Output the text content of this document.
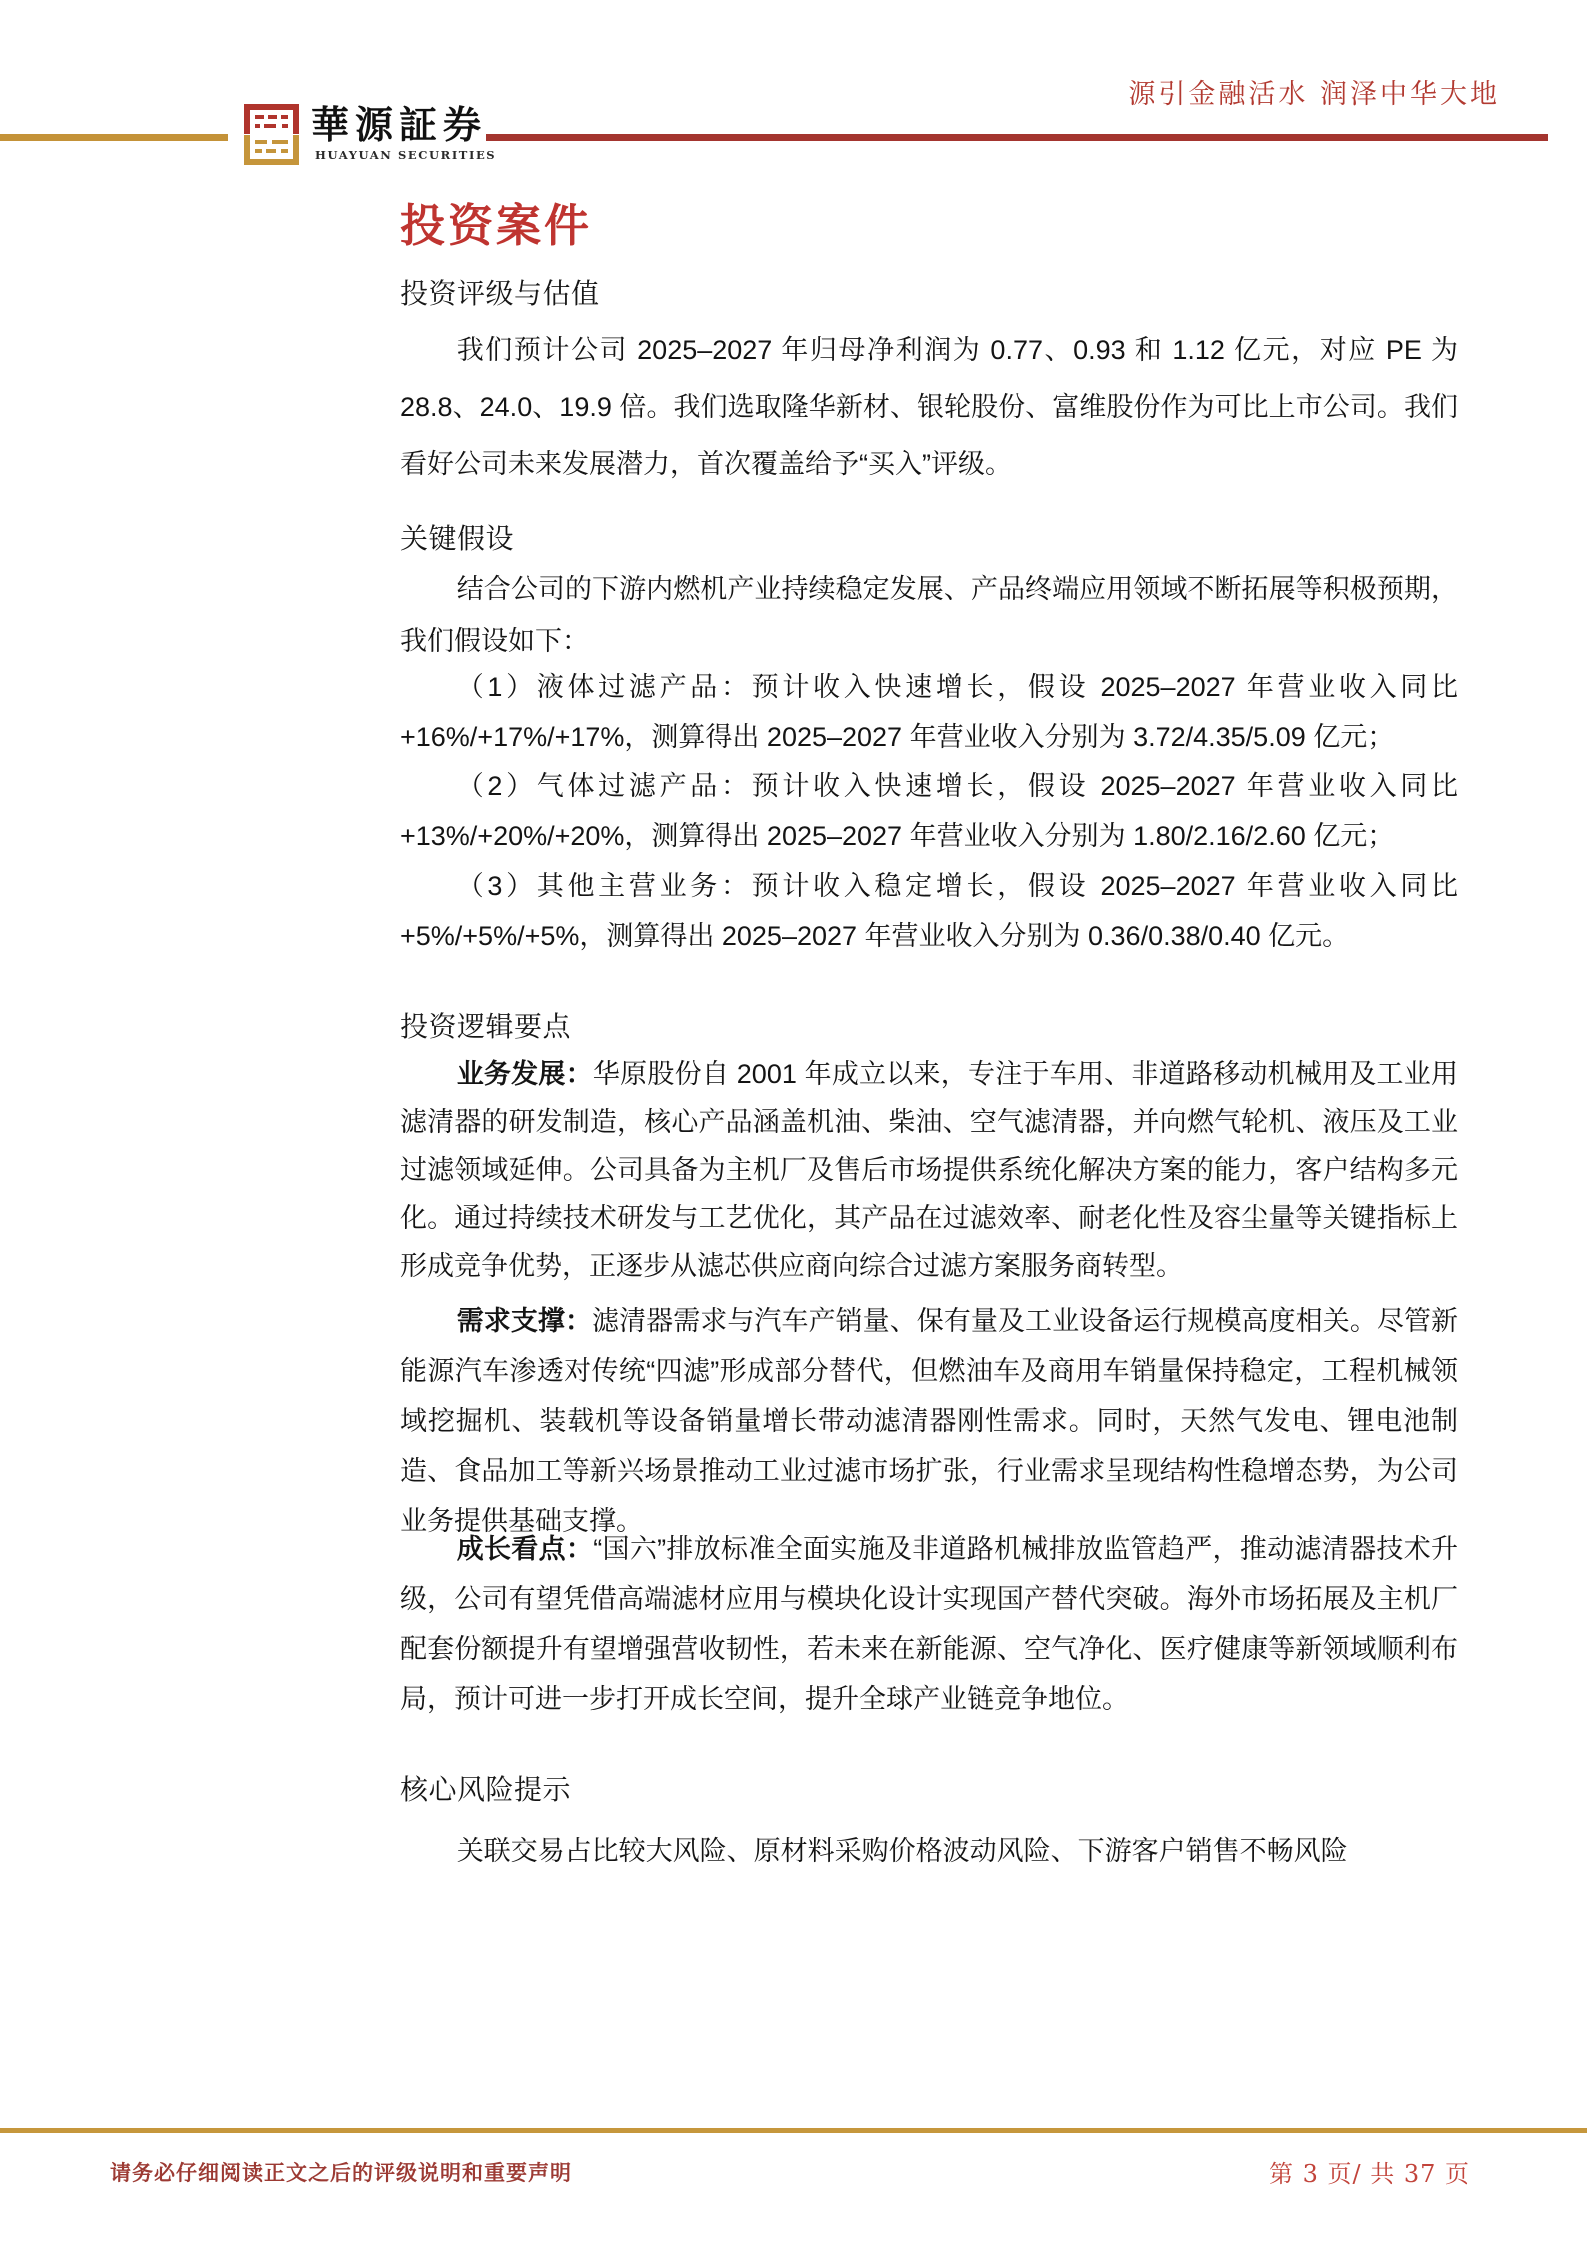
源引金融活水 润泽中华大地
華源証券
HUAYUAN SECURITIES
投资案件
投资评级与估值

我们预计公司 2025–2027 年归母净利润为 0.77、0.93 和 1.12 亿元，对应 PE 为 28.8、24.0、19.9 倍。我们选取隆华新材、银轮股份、富维股份作为可比上市公司。我们看好公司未来发展潜力，首次覆盖给予“买入”评级。

关键假设

结合公司的下游内燃机产业持续稳定发展、产品终端应用领域不断拓展等积极预期，我们假设如下：

（1）液体过滤产品：预计收入快速增长，假设 2025–2027 年营业收入同比 +16%/+17%/+17%，测算得出 2025–2027 年营业收入分别为 3.72/4.35/5.09 亿元；

（2）气体过滤产品：预计收入快速增长，假设 2025–2027 年营业收入同比 +13%/+20%/+20%，测算得出 2025–2027 年营业收入分别为 1.80/2.16/2.60 亿元；

（3）其他主营业务：预计收入稳定增长，假设 2025–2027 年营业收入同比 +5%/+5%/+5%，测算得出 2025–2027 年营业收入分别为 0.36/0.38/0.40 亿元。

投资逻辑要点

业务发展：华原股份自 2001 年成立以来，专注于车用、非道路移动机械用及工业用滤清器的研发制造，核心产品涵盖机油、柴油、空气滤清器，并向燃气轮机、液压及工业过滤领域延伸。公司具备为主机厂及售后市场提供系统化解决方案的能力，客户结构多元化。通过持续技术研发与工艺优化，其产品在过滤效率、耐老化性及容尘量等关键指标上形成竞争优势，正逐步从滤芯供应商向综合过滤方案服务商转型。

需求支撑：滤清器需求与汽车产销量、保有量及工业设备运行规模高度相关。尽管新能源汽车渗透对传统“四滤”形成部分替代，但燃油车及商用车销量保持稳定，工程机械领域挖掘机、装载机等设备销量增长带动滤清器刚性需求。同时，天然气发电、锂电池制造、食品加工等新兴场景推动工业过滤市场扩张，行业需求呈现结构性稳增态势，为公司业务提供基础支撑。

成长看点：“国六”排放标准全面实施及非道路机械排放监管趋严，推动滤清器技术升级，公司有望凭借高端滤材应用与模块化设计实现国产替代突破。海外市场拓展及主机厂配套份额提升有望增强营收韧性，若未来在新能源、空气净化、医疗健康等新领域顺利布局，预计可进一步打开成长空间，提升全球产业链竞争地位。

核心风险提示

关联交易占比较大风险、原材料采购价格波动风险、下游客户销售不畅风险

请务必仔细阅读正文之后的评级说明和重要声明	第 3 页/ 共 37 页
